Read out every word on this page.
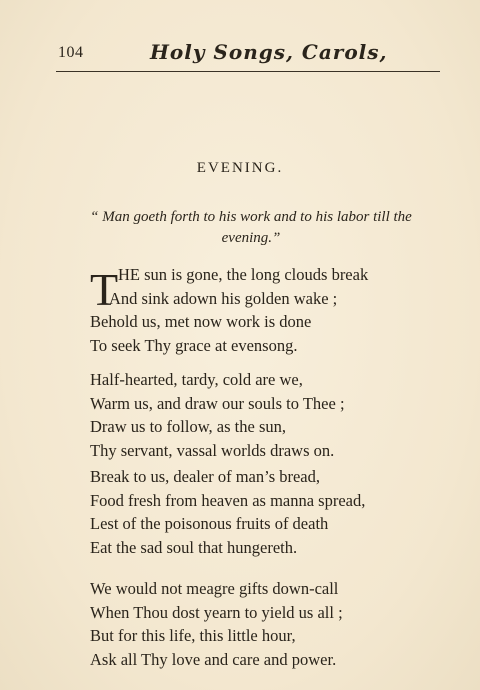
104	Holy Songs, Carols,
EVENING.
“ Man goeth forth to his work and to his labor till the evening.”
T HE sun is gone, the long clouds break
And sink adown his golden wake ;
Behold us, met now work is done
To seek Thy grace at evensong.
Half-hearted, tardy, cold are we,
Warm us, and draw our souls to Thee ;
Draw us to follow, as the sun,
Thy servant, vassal worlds draws on.
Break to us, dealer of man’s bread,
Food fresh from heaven as manna spread,
Lest of the poisonous fruits of death
Eat the sad soul that hungereth.
We would not meagre gifts down-call
When Thou dost yearn to yield us all ;
But for this life, this little hour,
Ask all Thy love and care and power.
